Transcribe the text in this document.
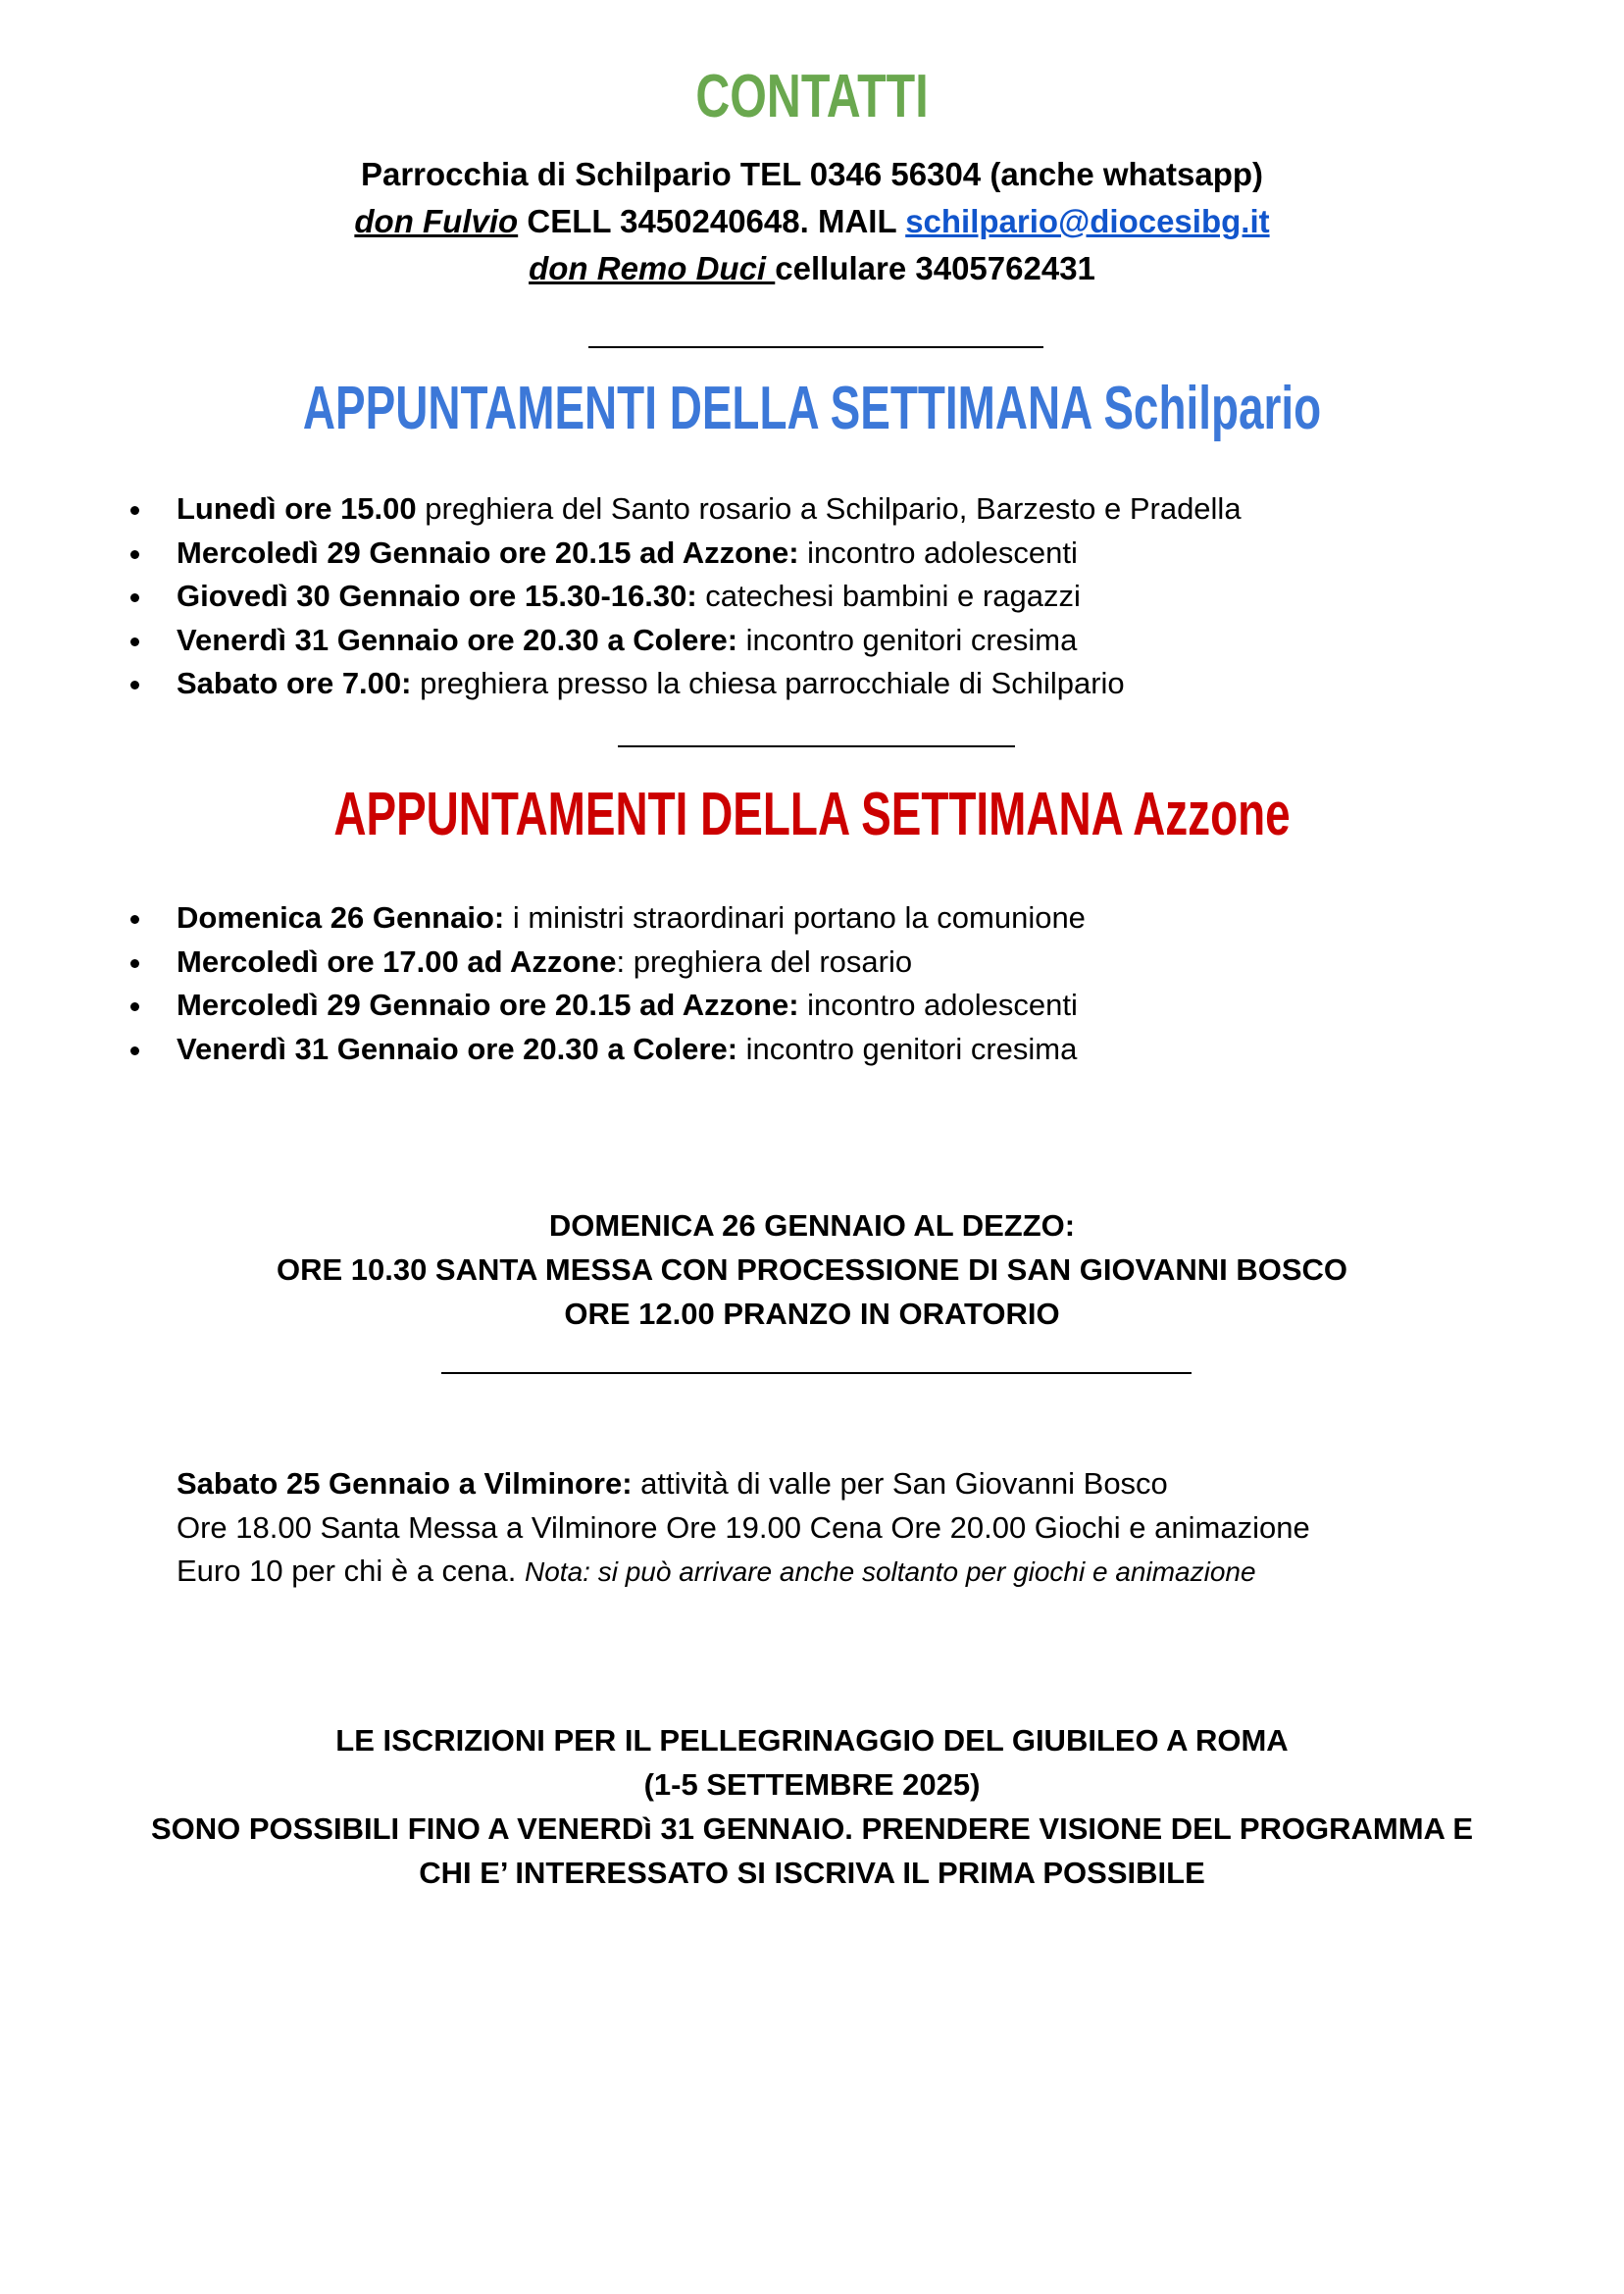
CONTATTI
Parrocchia di Schilpario TEL 0346 56304 (anche whatsapp)
don Fulvio CELL 3450240648. MAIL schilpario@diocesibg.it
don Remo Duci cellulare 3405762431
APPUNTAMENTI DELLA SETTIMANA Schilpario
Lunedì ore 15.00 preghiera del Santo rosario a Schilpario, Barzesto e Pradella
Mercoledì 29 Gennaio ore 20.15 ad Azzone: incontro adolescenti
Giovedì 30 Gennaio ore 15.30-16.30: catechesi bambini e ragazzi
Venerdì 31 Gennaio ore 20.30 a Colere: incontro genitori cresima
Sabato ore 7.00: preghiera presso la chiesa parrocchiale di Schilpario
APPUNTAMENTI DELLA SETTIMANA Azzone
Domenica 26 Gennaio: i ministri straordinari portano la comunione
Mercoledì ore 17.00 ad Azzone: preghiera del rosario
Mercoledì 29 Gennaio ore 20.15 ad Azzone: incontro adolescenti
Venerdì 31 Gennaio ore 20.30 a Colere: incontro genitori cresima
DOMENICA 26 GENNAIO AL DEZZO:
ORE 10.30 SANTA MESSA CON PROCESSIONE DI SAN GIOVANNI BOSCO
ORE 12.00 PRANZO IN ORATORIO
Sabato 25 Gennaio a Vilminore: attività di valle per San Giovanni Bosco
Ore 18.00 Santa Messa a Vilminore Ore 19.00 Cena Ore 20.00 Giochi e animazione
Euro 10 per chi è a cena. Nota: si può arrivare anche soltanto per giochi e animazione
LE ISCRIZIONI PER IL PELLEGRINAGGIO DEL GIUBILEO A ROMA
(1-5 SETTEMBRE 2025)
SONO POSSIBILI FINO A VENERDì 31 GENNAIO. PRENDERE VISIONE DEL PROGRAMMA E
CHI E’ INTERESSATO SI ISCRIVA IL PRIMA POSSIBILE
